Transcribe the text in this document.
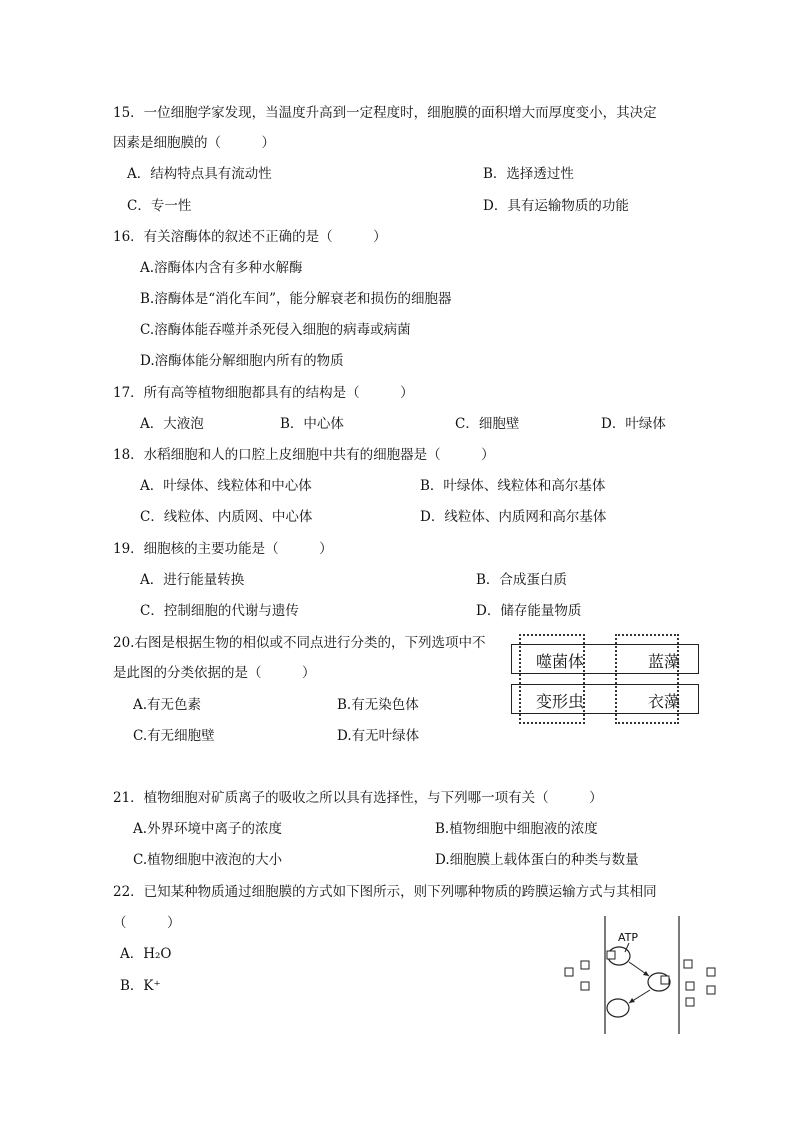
15．一位细胞学家发现，当温度升高到一定程度时，细胞膜的面积增大而厚度变小，其决定
因素是细胞膜的（　　　）
A．结构特点具有流动性	B．选择透过性
C．专一性	D．具有运输物质的功能
16．有关溶酶体的叙述不正确的是（　　　）
A.溶酶体内含有多种水解酶
B.溶酶体是“消化车间”，能分解衰老和损伤的细胞器
C.溶酶体能吞噬并杀死侵入细胞的病毒或病菌
D.溶酶体能分解细胞内所有的物质
17．所有高等植物细胞都具有的结构是（　　　）
A．大液泡	B．中心体	C．细胞壁	D．叶绿体
18．水稻细胞和人的口腔上皮细胞中共有的细胞器是（　　　）
A．叶绿体、线粒体和中心体	B．叶绿体、线粒体和高尔基体
C．线粒体、内质网、中心体	D．线粒体、内质网和高尔基体
19．细胞核的主要功能是（　　　）
A．进行能量转换	B．合成蛋白质
C．控制细胞的代谢与遗传	D．储存能量物质
20.右图是根据生物的相似或不同点进行分类的，下列选项中不
是此图的分类依据的是（　　　）
A.有无色素	B.有无染色体
C.有无细胞壁	D.有无叶绿体
噬菌体	蓝藻
变形虫	衣藻
21．植物细胞对矿质离子的吸收之所以具有选择性，与下列哪一项有关（　　　）
A.外界环境中离子的浓度	B.植物细胞中细胞液的浓度
C.植物细胞中液泡的大小	D.细胞膜上载体蛋白的种类与数量
22．已知某种物质通过细胞膜的方式如下图所示，则下列哪种物质的跨膜运输方式与其相同
（　　　）
A．H₂O
B．K⁺
ATP
